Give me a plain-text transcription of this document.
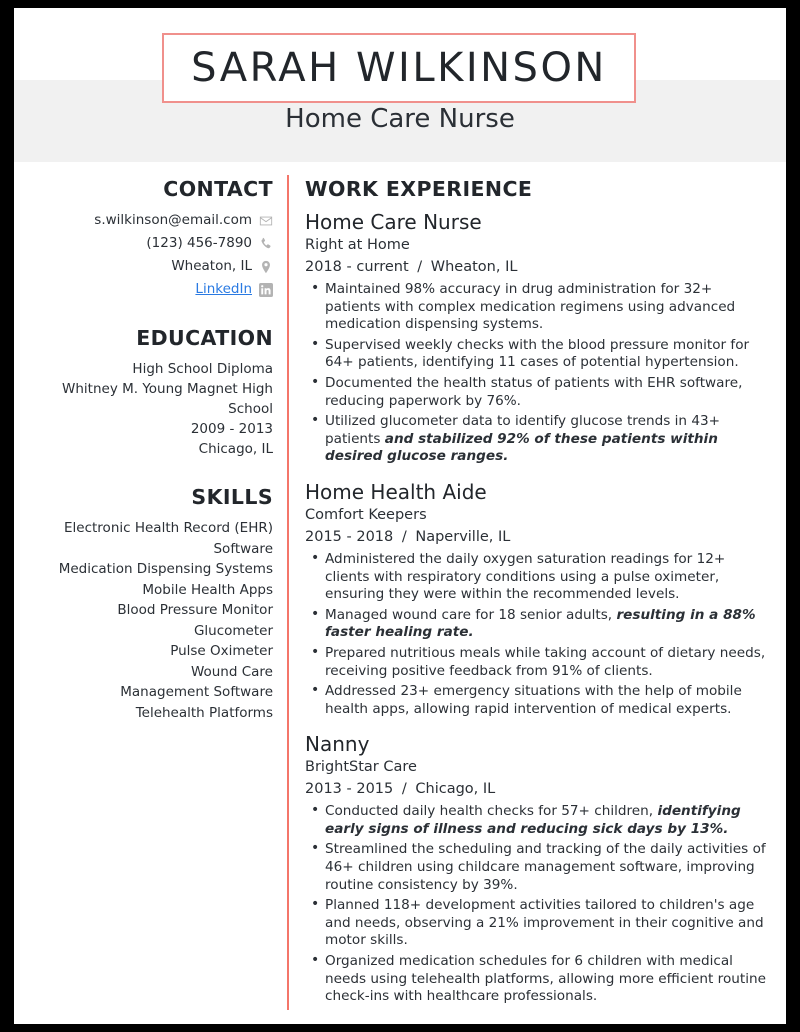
SARAH WILKINSON
Home Care Nurse
CONTACT
s.wilkinson@email.com
(123) 456-7890
Wheaton, IL
LinkedIn
EDUCATION
High School Diploma
Whitney M. Young Magnet High School
2009 - 2013
Chicago, IL
SKILLS
Electronic Health Record (EHR) Software
Medication Dispensing Systems
Mobile Health Apps
Blood Pressure Monitor
Glucometer
Pulse Oximeter
Wound Care
Management Software
Telehealth Platforms
WORK EXPERIENCE
Home Care Nurse
Right at Home
2018 - current / Wheaton, IL
• Maintained 98% accuracy in drug administration for 32+ patients with complex medication regimens using advanced medication dispensing systems.
• Supervised weekly checks with the blood pressure monitor for 64+ patients, identifying 11 cases of potential hypertension.
• Documented the health status of patients with EHR software, reducing paperwork by 76%.
• Utilized glucometer data to identify glucose trends in 43+ patients and stabilized 92% of these patients within desired glucose ranges.
Home Health Aide
Comfort Keepers
2015 - 2018 / Naperville, IL
• Administered the daily oxygen saturation readings for 12+ clients with respiratory conditions using a pulse oximeter, ensuring they were within the recommended levels.
• Managed wound care for 18 senior adults, resulting in a 88% faster healing rate.
• Prepared nutritious meals while taking account of dietary needs, receiving positive feedback from 91% of clients.
• Addressed 23+ emergency situations with the help of mobile health apps, allowing rapid intervention of medical experts.
Nanny
BrightStar Care
2013 - 2015 / Chicago, IL
• Conducted daily health checks for 57+ children, identifying early signs of illness and reducing sick days by 13%.
• Streamlined the scheduling and tracking of the daily activities of 46+ children using childcare management software, improving routine consistency by 39%.
• Planned 118+ development activities tailored to children's age and needs, observing a 21% improvement in their cognitive and motor skills.
• Organized medication schedules for 6 children with medical needs using telehealth platforms, allowing more efficient routine check-ins with healthcare professionals.
